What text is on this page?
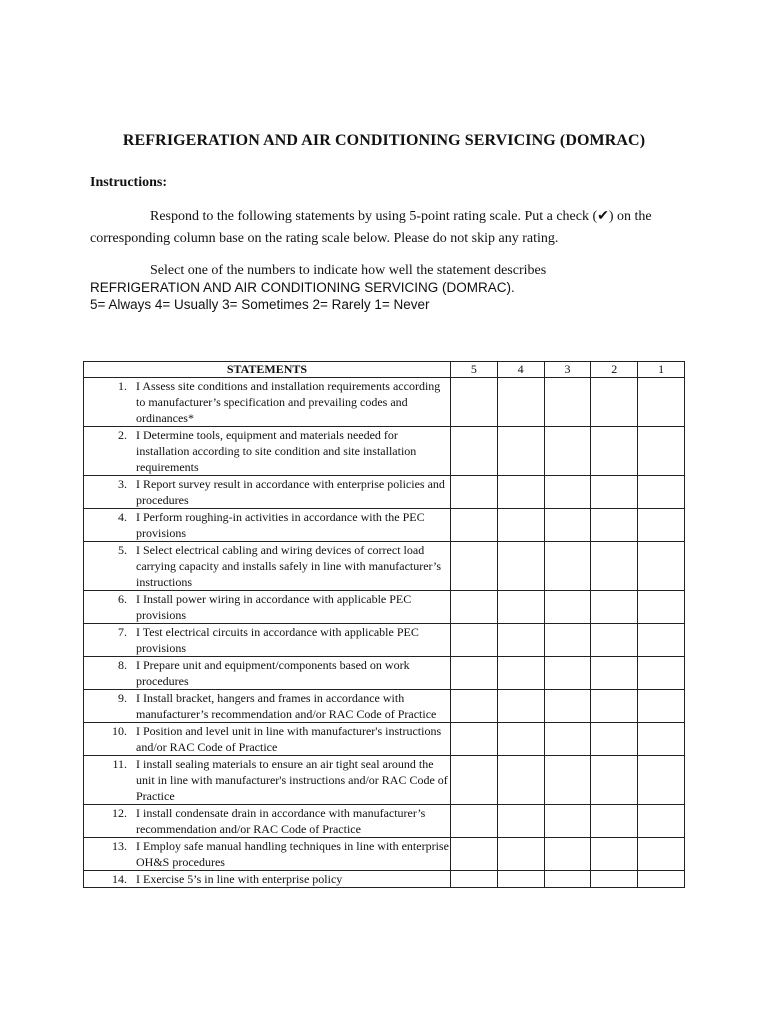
REFRIGERATION AND AIR CONDITIONING SERVICING (DOMRAC)
Instructions:
Respond to the following statements by using 5-point rating scale. Put a check (✔) on the corresponding column base on the rating scale below. Please do not skip any rating.
Select one of the numbers to indicate how well the statement describes
REFRIGERATION AND AIR CONDITIONING SERVICING (DOMRAC).
5= Always 4= Usually 3= Sometimes 2= Rarely 1= Never
STATEMENTS	5	4	3	2	1

1. I Assess site conditions and installation requirements according to manufacturer’s specification and prevailing codes and ordinances*					

2. I Determine tools, equipment and materials needed for installation according to site condition and site installation requirements					

3. I Report survey result in accordance with enterprise policies and procedures					

4. I Perform roughing-in activities in accordance with the PEC provisions					

5. I Select electrical cabling and wiring devices of correct load carrying capacity and installs safely in line with manufacturer’s instructions					

6. I Install power wiring in accordance with applicable PEC provisions					

7. I Test electrical circuits in accordance with applicable PEC provisions					

8. I Prepare unit and equipment/components based on work procedures					

9. I Install bracket, hangers and frames in accordance with manufacturer’s recommendation and/or RAC Code of Practice					

10. I Position and level unit in line with manufacturer's instructions and/or RAC Code of Practice					

11. I install sealing materials to ensure an air tight seal around the unit in line with manufacturer's instructions and/or RAC Code of Practice					

12. I install condensate drain in accordance with manufacturer’s recommendation and/or RAC Code of Practice					

13. I Employ safe manual handling techniques in line with enterprise OH&S procedures					

14. I Exercise 5’s in line with enterprise policy					
